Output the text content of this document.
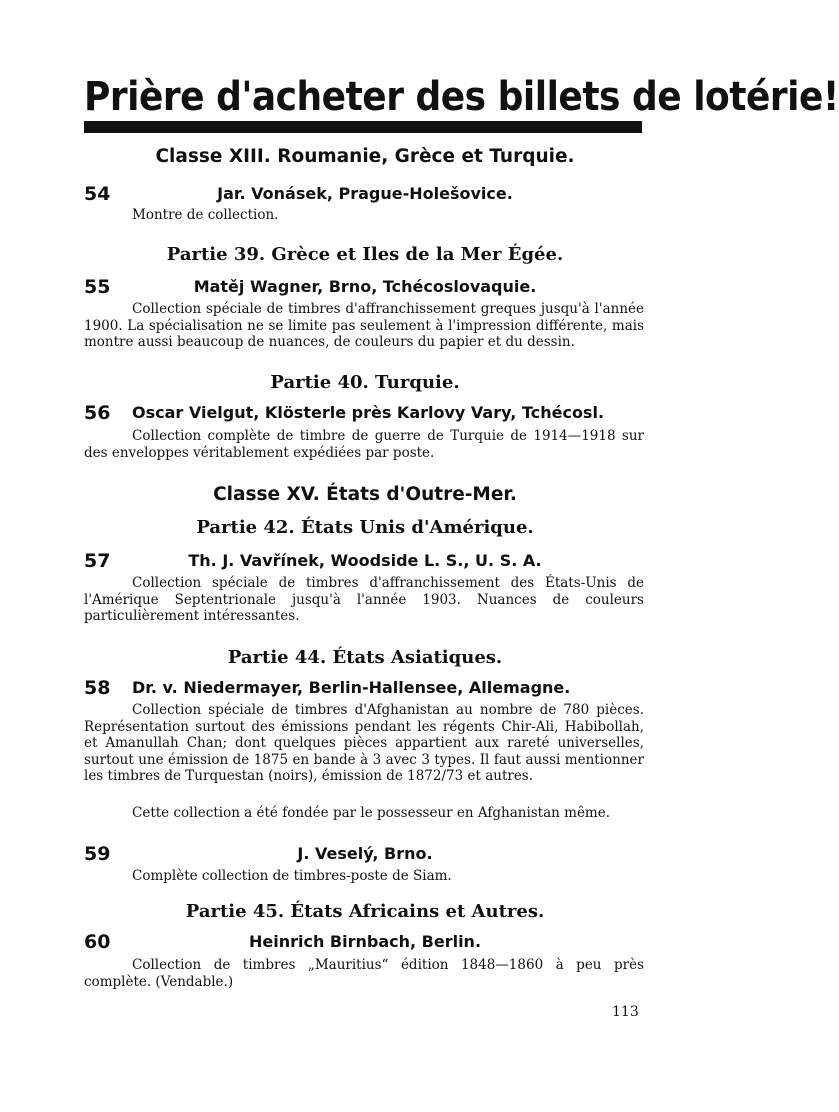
Prière d'acheter des billets de lotérie!
Classe XIII. Roumanie, Grèce et Turquie.
54	Jar. Vonásek, Prague-Holešovice.
Montre de collection.
Partie 39. Grèce et Iles de la Mer Égée.
55	Matěj Wagner, Brno, Tchécoslovaquie.
Collection spéciale de timbres d'affranchissement greques jusqu'à l'année 1900. La spécialisation ne se limite pas seulement à l'impression différente, mais montre aussi beaucoup de nuances, de couleurs du papier et du dessin.
Partie 40. Turquie.
56 Oscar Vielgut, Klösterle près Karlovy Vary, Tchécosl.
Collection complète de timbre de guerre de Turquie de 1914—1918 sur des enveloppes véritablement expédiées par poste.
Classe XV. États d'Outre-Mer.
Partie 42. États Unis d'Amérique.
57	Th. J. Vavřínek, Woodside L. S., U. S. A.
Collection spéciale de timbres d'affranchissement des États-Unis de l'Amérique Septentrionale jusqu'à l'année 1903. Nuances de couleurs particulièrement intéressantes.
Partie 44. États Asiatiques.
58 Dr. v. Niedermayer, Berlin-Hallensee, Allemagne.
Collection spéciale de timbres d'Afghanistan au nombre de 780 pièces. Représentation surtout des émissions pendant les régents Chir-Ali, Habibollah, et Amanullah Chan; dont quelques pièces appartient aux rareté universelles, surtout une émission de 1875 en bande à 3 avec 3 types. Il faut aussi mentionner les timbres de Turquestan (noirs), émission de 1872/73 et autres.
Cette collection a été fondée par le possesseur en Afghanistan même.
59	J. Veselý, Brno.
Complète collection de timbres-poste de Siam.
Partie 45. États Africains et Autres.
60	Heinrich Birnbach, Berlin.
Collection de timbres „Mauritius“ édition 1848—1860 à peu près complète. (Vendable.)
113
